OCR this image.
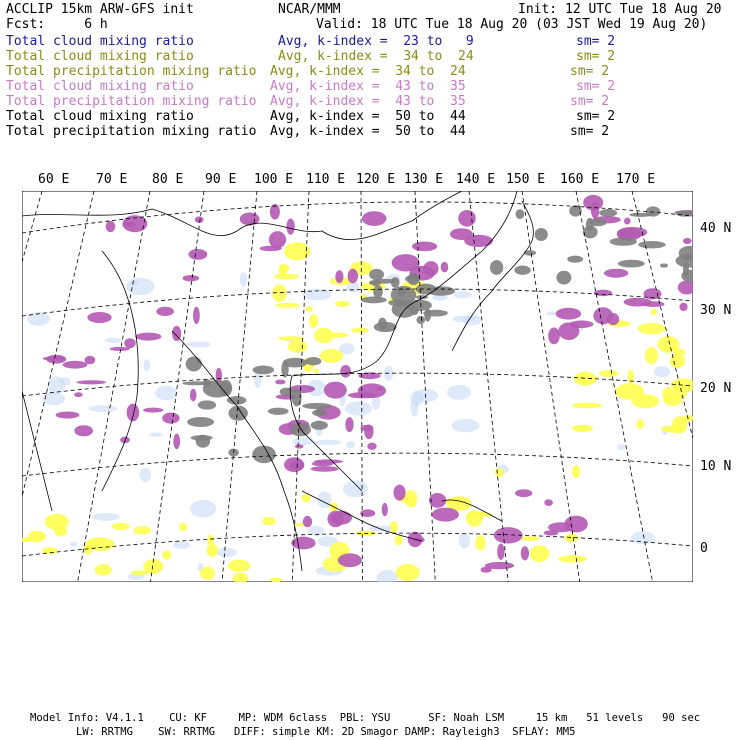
ACCLIP 15km ARW-GFS init	NCAR/MMM	Init: 12 UTC Tue 18 Aug 20
Fcst:     6 h	Valid: 18 UTC Tue 18 Aug 20 (03 JST Wed 19 Aug 20)
Total cloud mixing ratio	Avg, k-index =  23 to   9	sm= 2
Total cloud mixing ratio	Avg, k-index =  34 to  24	sm= 2
Total precipitation mixing ratio Avg, k-index =  34 to  24	sm= 2
Total cloud mixing ratio	Avg, k-index =  43 to  35	sm= 2
Total precipitation mixing ratio Avg, k-index =  43 to  35	sm= 2
Total cloud mixing ratio	Avg, k-index =  50 to  44	sm= 2
Total precipitation mixing ratio Avg, k-index =  50 to  44	sm= 2
60 E 70 E 80 E 90 E 100 E 110 E 120 E 130 E 140 E 150 E 160 E 170 E
40 N
30 N
20 N
10 N
0
Model Info: V4.1.1    CU: KF     MP: WDM 6class  PBL: YSU      SF: Noah LSM     15 km   51 levels   90 sec
LW: RRTMG    SW: RRTMG   DIFF: simple KM: 2D Smagor DAMP: Rayleigh3  SFLAY: MM5
